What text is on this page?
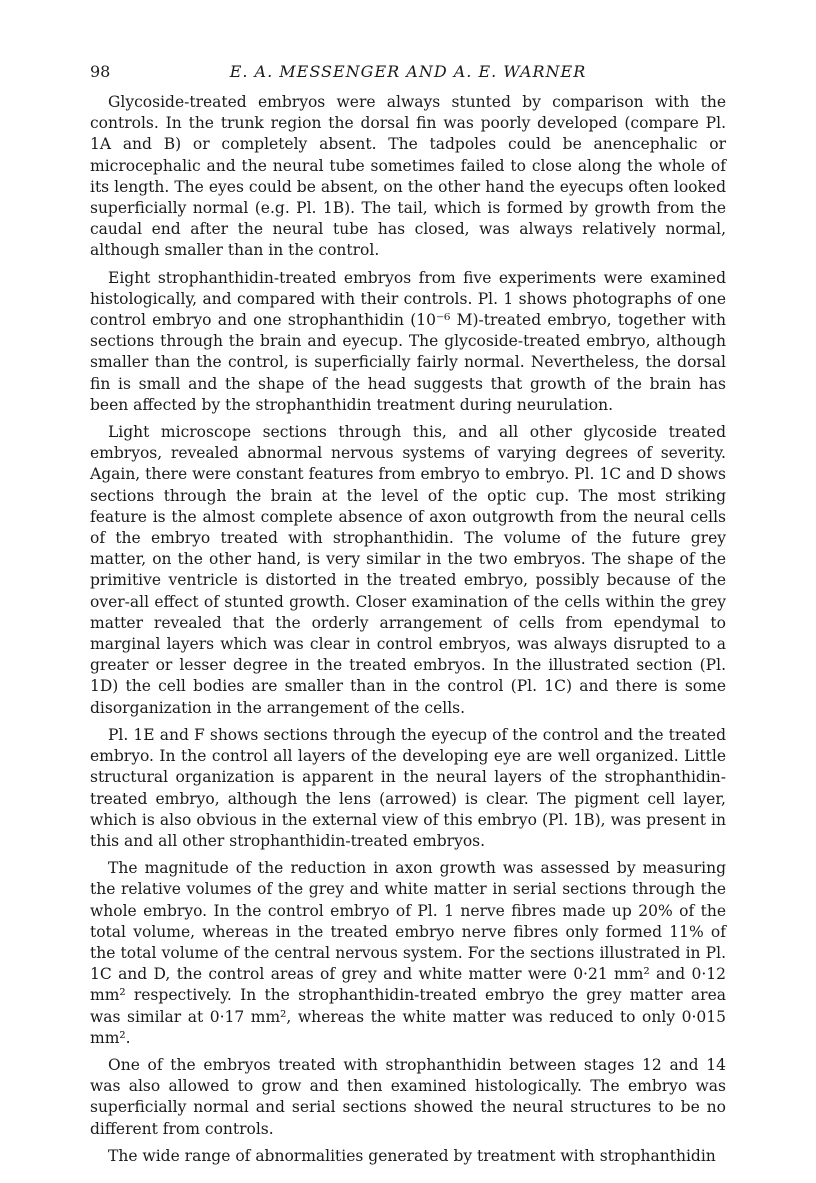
98	E. A. MESSENGER AND A. E. WARNER

Glycoside-treated embryos were always stunted by comparison with the controls. In the trunk region the dorsal fin was poorly developed (compare Pl. 1A and B) or completely absent. The tadpoles could be anencephalic or microcephalic and the neural tube sometimes failed to close along the whole of its length. The eyes could be absent, on the other hand the eyecups often looked superficially normal (e.g. Pl. 1B). The tail, which is formed by growth from the caudal end after the neural tube has closed, was always relatively normal, although smaller than in the control.

Eight strophanthidin-treated embryos from five experiments were examined histologically, and compared with their controls. Pl. 1 shows photographs of one control embryo and one strophanthidin (10⁻⁶ M)-treated embryo, together with sections through the brain and eyecup. The glycoside-treated embryo, although smaller than the control, is superficially fairly normal. Nevertheless, the dorsal fin is small and the shape of the head suggests that growth of the brain has been affected by the strophanthidin treatment during neurulation.

Light microscope sections through this, and all other glycoside treated embryos, revealed abnormal nervous systems of varying degrees of severity. Again, there were constant features from embryo to embryo. Pl. 1C and D shows sections through the brain at the level of the optic cup. The most striking feature is the almost complete absence of axon outgrowth from the neural cells of the embryo treated with strophanthidin. The volume of the future grey matter, on the other hand, is very similar in the two embryos. The shape of the primitive ventricle is distorted in the treated embryo, possibly because of the over-all effect of stunted growth. Closer examination of the cells within the grey matter revealed that the orderly arrangement of cells from ependymal to marginal layers which was clear in control embryos, was always disrupted to a greater or lesser degree in the treated embryos. In the illustrated section (Pl. 1D) the cell bodies are smaller than in the control (Pl. 1C) and there is some disorganization in the arrangement of the cells.

Pl. 1E and F shows sections through the eyecup of the control and the treated embryo. In the control all layers of the developing eye are well organized. Little structural organization is apparent in the neural layers of the strophanthidin-treated embryo, although the lens (arrowed) is clear. The pigment cell layer, which is also obvious in the external view of this embryo (Pl. 1B), was present in this and all other strophanthidin-treated embryos.

The magnitude of the reduction in axon growth was assessed by measuring the relative volumes of the grey and white matter in serial sections through the whole embryo. In the control embryo of Pl. 1 nerve fibres made up 20% of the total volume, whereas in the treated embryo nerve fibres only formed 11% of the total volume of the central nervous system. For the sections illustrated in Pl. 1C and D, the control areas of grey and white matter were 0·21 mm² and 0·12 mm² respectively. In the strophanthidin-treated embryo the grey matter area was similar at 0·17 mm², whereas the white matter was reduced to only 0·015 mm².

One of the embryos treated with strophanthidin between stages 12 and 14 was also allowed to grow and then examined histologically. The embryo was superficially normal and serial sections showed the neural structures to be no different from controls.

The wide range of abnormalities generated by treatment with strophanthidin
